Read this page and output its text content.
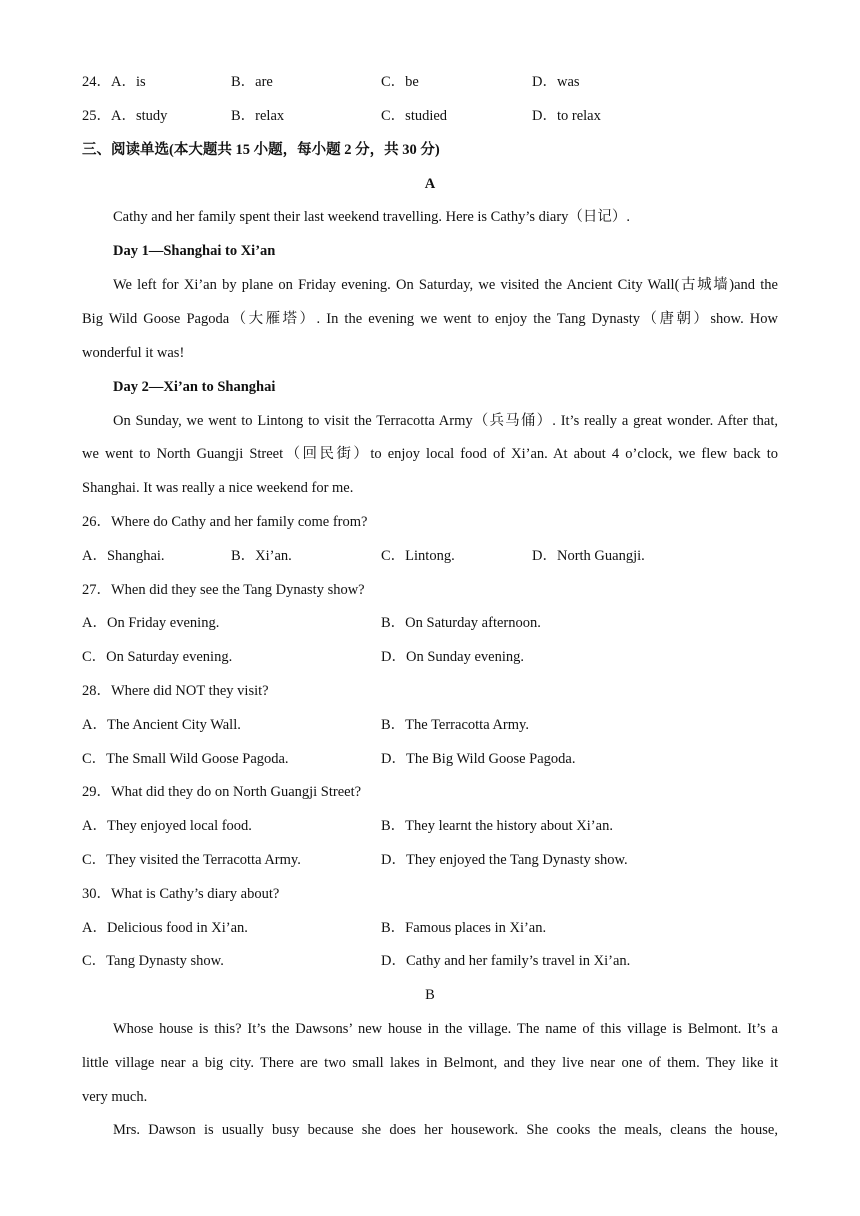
24．A．is	B．are	C．be	D．was
25．A．study	B．relax	C．studied	D．to relax
三、阅读单选(本大题共 15 小题，每小题 2 分，共 30 分)
A
Cathy and her family spent their last weekend travelling. Here is Cathy’s diary（日记）.
Day 1—Shanghai to Xi’an
We left for Xi’an by plane on Friday evening. On Saturday, we visited the Ancient City Wall(古城墙)and the
Big Wild Goose Pagoda（大雁塔）. In the evening we went to enjoy the Tang Dynasty（唐朝）show. How
wonderful it was!
Day 2—Xi’an to Shanghai
On Sunday, we went to Lintong to visit the Terracotta Army（兵马俑）. It’s really a great wonder. After that,
we went to North Guangji Street（回民街）to enjoy local food of Xi’an. At about 4 o’clock, we flew back to
Shanghai. It was really a nice weekend for me.
26．Where do Cathy and her family come from?
A．Shanghai.	B．Xi’an.	C．Lintong.	D．North Guangji.
27．When did they see the Tang Dynasty show?
A．On Friday evening.	B．On Saturday afternoon.
C．On Saturday evening.	D．On Sunday evening.
28．Where did NOT they visit?
A．The Ancient City Wall.	B．The Terracotta Army.
C．The Small Wild Goose Pagoda.	D．The Big Wild Goose Pagoda.
29．What did they do on North Guangji Street?
A．They enjoyed local food.	B．They learnt the history about Xi’an.
C．They visited the Terracotta Army.	D．They enjoyed the Tang Dynasty show.
30．What is Cathy’s diary about?
A．Delicious food in Xi’an.	B．Famous places in Xi’an.
C．Tang Dynasty show.	D．Cathy and her family’s travel in Xi’an.
B
Whose house is this? It’s the Dawsons’ new house in the village. The name of this village is Belmont. It’s a
little village near a big city. There are two small lakes in Belmont, and they live near one of them. They like it
very much.
Mrs. Dawson is usually busy because she does her housework. She cooks the meals, cleans the house,
